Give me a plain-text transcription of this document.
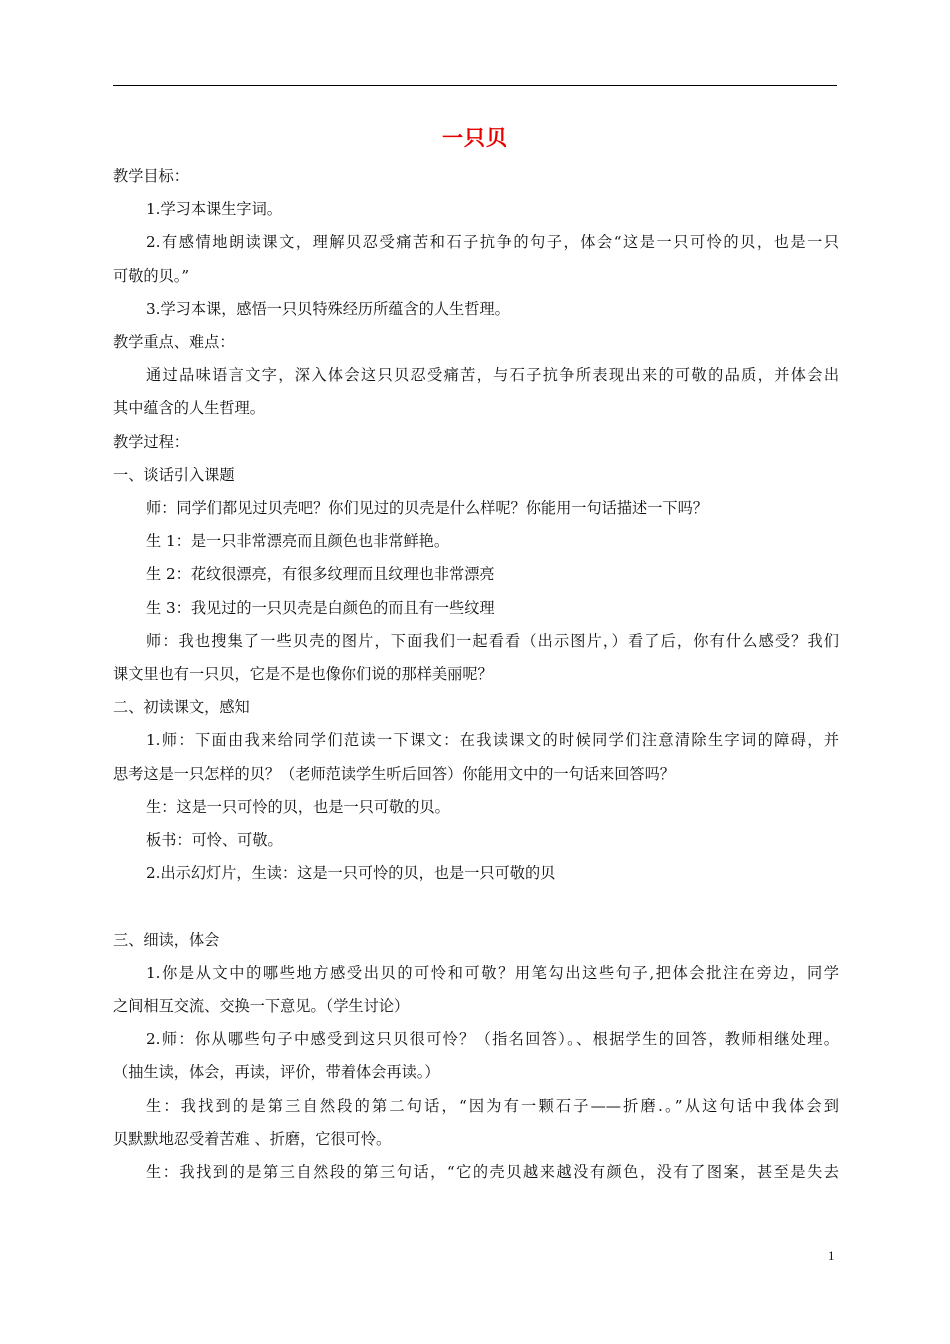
一只贝

教学目标：

1.学习本课生字词。

2.有感情地朗读课文，理解贝忍受痛苦和石子抗争的句子，体会“这是一只可怜的贝，也是一只

可敬的贝。”

3.学习本课，感悟一只贝特殊经历所蕴含的人生哲理。

教学重点、难点：

通过品味语言文字，深入体会这只贝忍受痛苦，与石子抗争所表现出来的可敬的品质，并体会出

其中蕴含的人生哲理。

教学过程：

一、谈话引入课题

师：同学们都见过贝壳吧？你们见过的贝壳是什么样呢？你能用一句话描述一下吗？

生 1：是一只非常漂亮而且颜色也非常鲜艳。

生 2：花纹很漂亮，有很多纹理而且纹理也非常漂亮

生 3：我见过的一只贝壳是白颜色的而且有一些纹理

师：我也搜集了一些贝壳的图片，下面我们一起看看（出示图片，）看了后，你有什么感受？我们

课文里也有一只贝，它是不是也像你们说的那样美丽呢？

二、初读课文，感知

1.师：下面由我来给同学们范读一下课文：在我读课文的时候同学们注意清除生字词的障碍，并

思考这是一只怎样的贝？（老师范读学生听后回答）你能用文中的一句话来回答吗？

生：这是一只可怜的贝，也是一只可敬的贝。

板书：可怜、可敬。

2.出示幻灯片，生读：这是一只可怜的贝，也是一只可敬的贝

三、细读，体会

1.你是从文中的哪些地方感受出贝的可怜和可敬？用笔勾出这些句子,把体会批注在旁边，同学

之间相互交流、交换一下意见。（学生讨论）

2.师：你从哪些句子中感受到这只贝很可怜？（指名回答）。、根据学生的回答，教师相继处理。

（抽生读，体会，再读，评价，带着体会再读。）

生：我找到的是第三自然段的第二句话，“因为有一颗石子——折磨.。”从这句话中我体会到

贝默默地忍受着苦难 、折磨，它很可怜。

生：我找到的是第三自然段的第三句话，“它的壳贝越来越没有颜色，没有了图案，甚至是失去

1
